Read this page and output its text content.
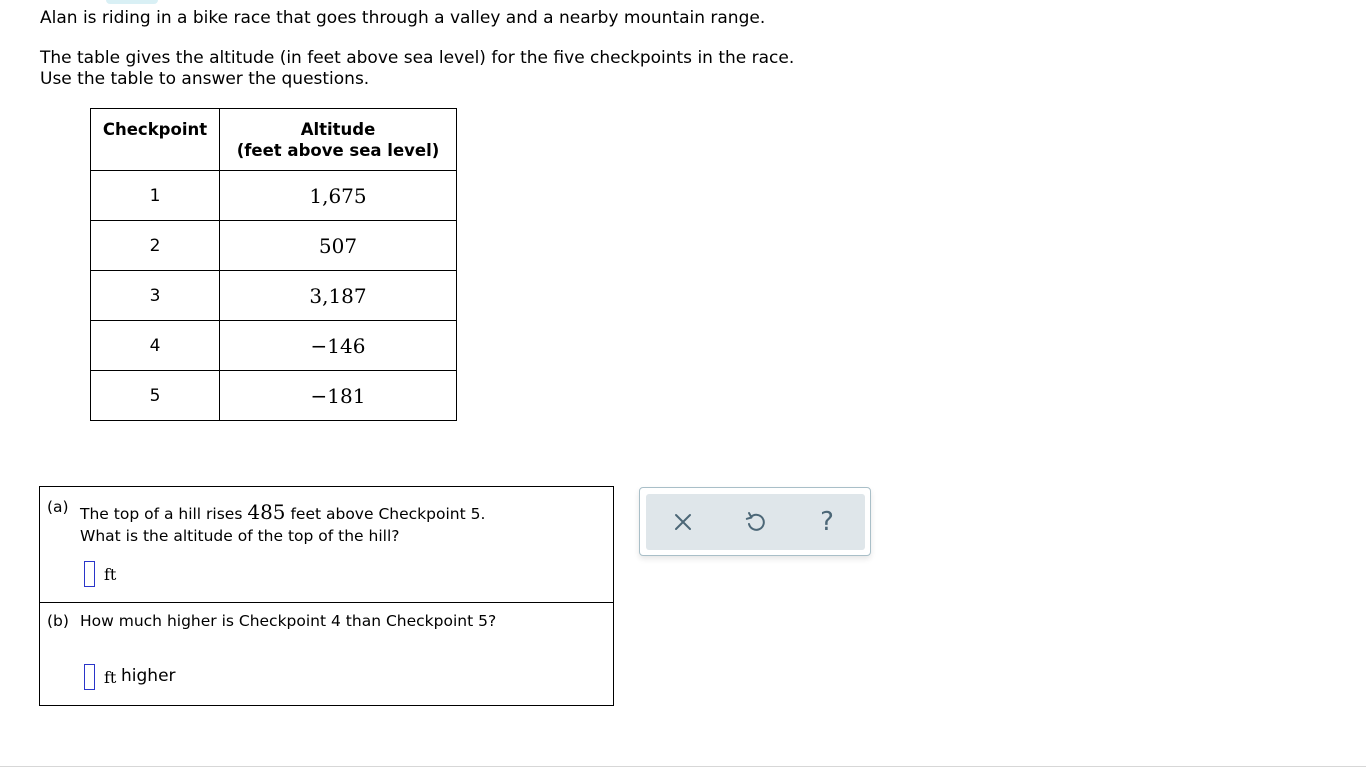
Alan is riding in a bike race that goes through a valley and a nearby mountain range.
The table gives the altitude (in feet above sea level) for the five checkpoints in the race.
Use the table to answer the questions.
Checkpoint	Altitude
(feet above sea level)
1	1,675
2	507
3	3,187
4	−146
5	−181
(a) The top of a hill rises 485 feet above Checkpoint 5.
What is the altitude of the top of the hill?
ft
(b) How much higher is Checkpoint 4 than Checkpoint 5?
ft higher
?
